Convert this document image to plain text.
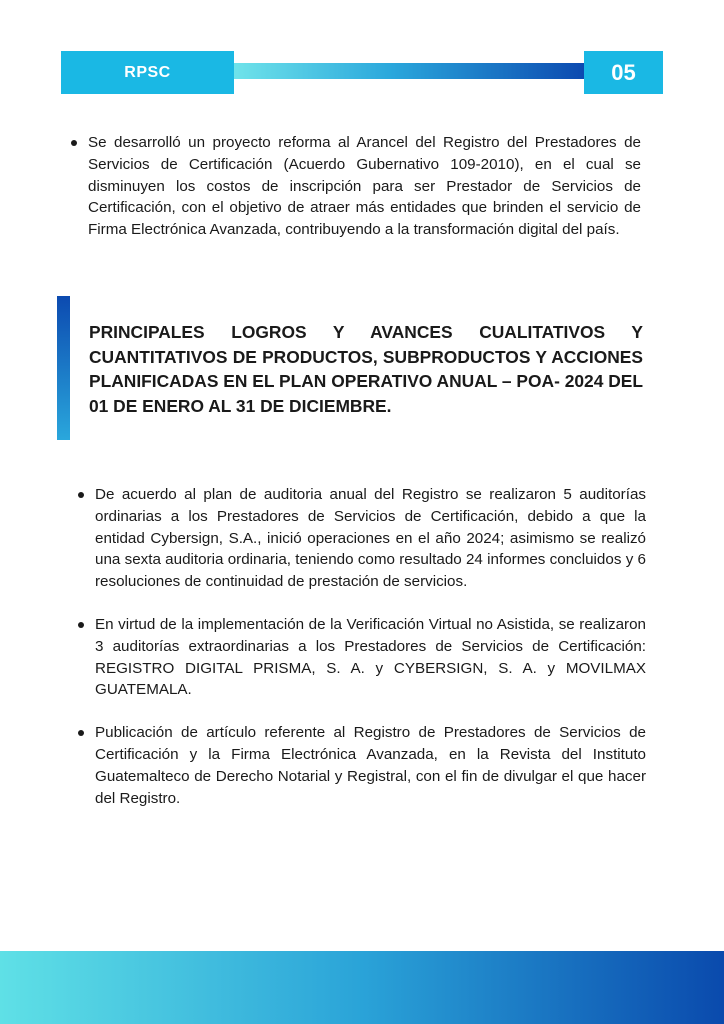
RPSC	05
Se desarrolló un proyecto reforma al Arancel del Registro del Prestadores de Servicios de Certificación (Acuerdo Gubernativo 109-2010), en el cual se disminuyen los costos de inscripción para ser Prestador de Servicios de Certificación, con el objetivo de atraer más entidades que brinden el servicio de Firma Electrónica Avanzada, contribuyendo a la transformación digital del país.
PRINCIPALES LOGROS Y AVANCES CUALITATIVOS Y CUANTITATIVOS DE PRODUCTOS, SUBPRODUCTOS Y ACCIONES PLANIFICADAS EN EL PLAN OPERATIVO ANUAL – POA- 2024 DEL 01 DE ENERO AL 31 DE DICIEMBRE.
De acuerdo al plan de auditoria anual del Registro se realizaron 5 auditorías ordinarias a los Prestadores de Servicios de Certificación, debido a que la entidad Cybersign, S.A., inició operaciones en el año 2024; asimismo se realizó una sexta auditoria ordinaria, teniendo como resultado 24 informes concluidos y 6 resoluciones de continuidad de prestación de servicios.
En virtud de la implementación de la Verificación Virtual no Asistida, se realizaron 3 auditorías extraordinarias a los Prestadores de Servicios de Certificación: REGISTRO DIGITAL PRISMA, S. A. y CYBERSIGN, S. A. y MOVILMAX GUATEMALA.
Publicación de artículo referente al Registro de Prestadores de Servicios de Certificación y la Firma Electrónica Avanzada, en la Revista del Instituto Guatemalteco de Derecho Notarial y Registral, con el fin de divulgar el que hacer del Registro.
